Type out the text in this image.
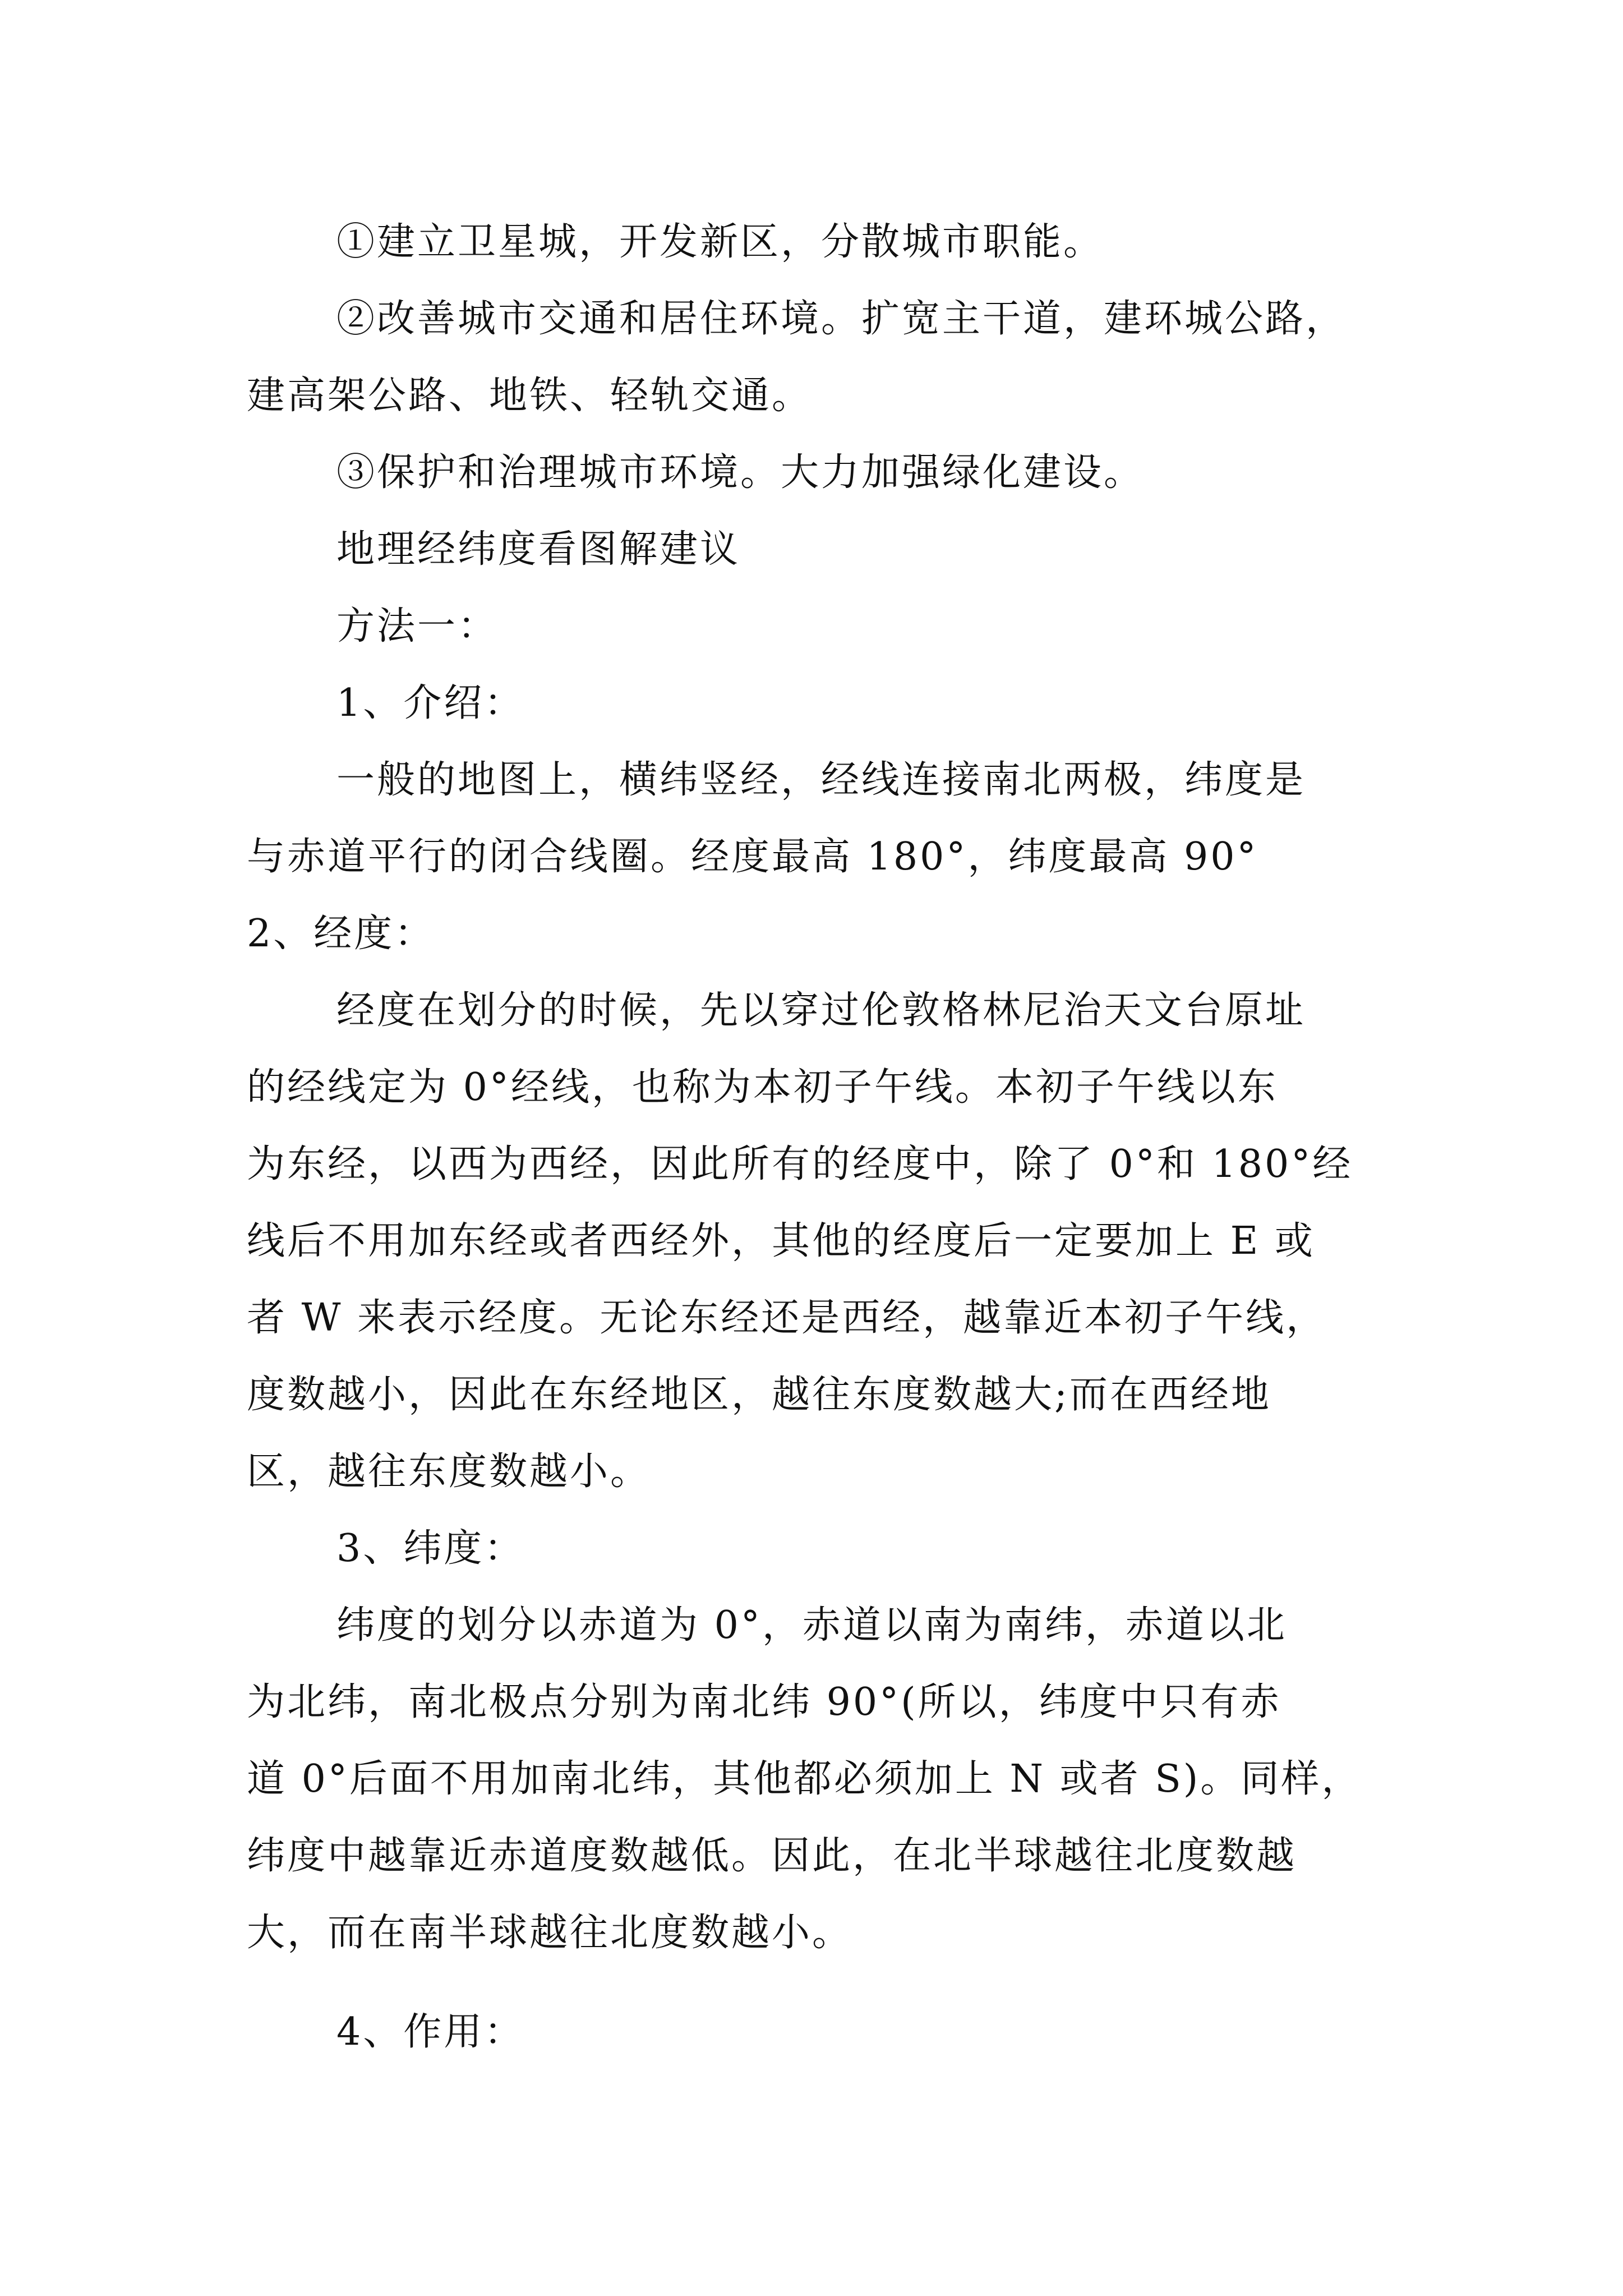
①建立卫星城，开发新区，分散城市职能。
②改善城市交通和居住环境。扩宽主干道，建环城公路，
建高架公路、地铁、轻轨交通。
③保护和治理城市环境。大力加强绿化建设。
地理经纬度看图解建议
方法一：
1、介绍：
一般的地图上，横纬竖经，经线连接南北两极，纬度是
与赤道平行的闭合线圈。经度最高 180°，纬度最高 90°
2、经度：
经度在划分的时候，先以穿过伦敦格林尼治天文台原址
的经线定为 0°经线，也称为本初子午线。本初子午线以东
为东经，以西为西经，因此所有的经度中，除了 0°和 180°经
线后不用加东经或者西经外，其他的经度后一定要加上 E 或
者 W 来表示经度。无论东经还是西经，越靠近本初子午线，
度数越小，因此在东经地区，越往东度数越大;而在西经地
区，越往东度数越小。
3、纬度：
纬度的划分以赤道为 0°，赤道以南为南纬，赤道以北
为北纬，南北极点分别为南北纬 90°(所以，纬度中只有赤
道 0°后面不用加南北纬，其他都必须加上 N 或者 S)。同样，
纬度中越靠近赤道度数越低。因此，在北半球越往北度数越
大，而在南半球越往北度数越小。
4、作用：
